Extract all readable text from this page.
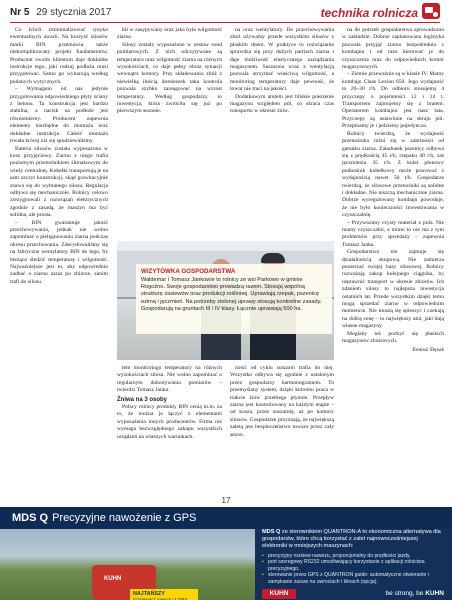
Nr 5 29 stycznia 2017	technika rolnicza

Co Ichcli zminimalizować ryzyko ewentualnych awarii. Na korzyść silosów marki BIN przemawia także niekomplikowany projekt fundamentów. Producent swoim klientom daje dokładne instrukcje tego, jaki rodzaj podłoża musi przygotować. Samo go wykonują według podanych wytycznych.

– Wymagano od nas jedynie przygotowania odpowiedniego płyty ściany z betonu. Ta konstrukcja jest bardzo stabilna, a nacisk na podłoże jest równomierny. Producent zapewnia elementy niezbędne do montażu oraz dokładne instrukcje. Całość montażu trwała krócej niż się spodziewaliśmy.

Bateria silosów została wyposażona w kosz przyjęciowy. Ziarno z niego trafia poziomym przenośnikiem ślimakowym do wieży centralnej. Kubełki transportują je na sam szczyt konstrukcji, skąd grawitacyjnie zsuwa się do wybranego silosu. Regulacja odbywa się mechanicznie. Rolnicy celowo zrezygnowali z rozwiązań elektrycznych zgodnie z zasadą, że maszyn ma być solidna, ale prosta.

– BIN gwarantuje jakość przechowywania, jednak nie wolno zapominać o pielęgnowaniu ziarna podczas okresu przechowania. Zdecydowaliśmy się na fabryczne wentylatory BIN do tego, by bieżąco śledzić temperaturę i wilgotność. Najważniejsze jest to, aby odpowiednio zadbać o ziarno zaraz po zbiorze, zanim trafi do silosu.

bił w zasypywany oraz jaka była wilgotność ziarna.

Silosy zostały wyposażone w zestaw sond pomiarowych. Z nich odczytywane są temperatura oraz wilgotność ziarna na różnych wysokościach, co daje pełny obraz sytuacji wewnątrz komory. Przy składowaniu zbóż z niewielką ilością domieszek taka kontrola pozwala szybko zareagować na wzrost temperatury. Według gospodarzy to inwestycja, która zwróciła się już po pierwszym sezonie.

na oraz wentylatory. Do przechowywania zbóż używamy przede wszystkim silosów z płaskim dnem. W praktyce to rozwiązanie sprawdza się przy dużych partiach ziarna i daje możliwość elastycznego zarządzania magazynem. Suszarnia wraz z wentylacją pozwala utrzymać właściwą wilgotność, a monitoring temperatury daje pewność, że towar nie traci na jakości.

Dodatkowym atutem jest bliskie położenie magazynu względem pól, co skraca czas transportu w okresie żniw.

na do potrzeb gospodarstwa sprowadzono w zakładzie. Dobrze zaplanowana logistyka pozwala przyjąć ziarno bezpośrednio z kombajnu i od razu kierować je do czyszczenia oraz do odpowiednich komór magazynowych.

– Ziemie przeważnie są w klasie IV. Mamy kombajn Claas Lexion 650. Jego wydajność to 20–30 t/h. Do odbioru stosujemy 4 przyczepy o pojemności 12 i 14 t. Transportem zajmujemy się z bratem. Operatorem kombajnu jest nasz tata. Przyczepy są ustawione na skraju pól. Przepinamy je i jedziemy pojedynczo.

Rolnicy twierdzą, że wydajność przenośnika różni się w zależności od gatunku ziarna. Załadunek pszenicy odbywa się z prędkością 45 t/h, rzepaku 40 t/h, zaś jęczmienia 35 t/h. Z kolei płonowy podnośnik kubełkowy może pracować z wydajnością nawet 50 t/h. Gospodarze twierdzą, że silosowe przenośniki są solidne i dokładne. Nie niszczą mechanicznie ziarna. Dobrze wyregulowany kombajn powoduje, że nie było konieczności inwestowania w czyszczalnię.

– Przywozimy czysty materiał z pola. Nie mamy czyszczalni, a mimo to nie ma z tym problemów przy sprzedaży – zapewnia Tomasz Janka.

Gospodarstwo nie zajmuje się działalnością skupową. Nie zamierza poszerzać swojej bazy silosowej. Rolnicy rozważają zakup kolejnego ciągnika, by usprawnić transport w okresie zbiorów. Ich zdaniem silosy to najlepsza inwestycja ostatnich lat. Przede wszystkim dzięki temu mogą sprzedać ziarno w odpowiednim momencie. Nie muszą się spieszyć i czekają na dobrą cenę – to największy atut, jaki dają własne magazyny.

Mogłaby też pozbyć się płaskich magazynów zbożowych.

Tomasz Ślęzak

WIZYTÓWKA GOSPODARSTWA
Waldemar i Tomasz Jankowie to rolnicy ze wsi Parkowo w gminie Rogoźno. Swoje gospodarstwo prowadzą razem. Stosują wspólną strukturę zasiewów oraz produkcji roślinnej. Uprawiają rzepak, pszenicę ozimą i jęczmień. Na potrzeby zielonej uprawy stosują konkretne zasady. Gospodarują na gruntach III i IV klasy. Łącznie uprawiają 500 ha.

tem monitoringu temperatury na różnych wysokościach silosu. Nie wolno zapominać o regularnym dokonywaniu pomiarów – twierdzi Tomasz Janka.

Żniwa na 3 osoby

Polscy rolnicy produkty BIN cenią m.in. za to, że można je łączyć z elementami wyposażenia innych producentów. Firma nie wymaga bezwzględnego zakupu wszystkich urządzeń na własnych warunkach.

ności od cyklu suszarni trafia do niej. Wszystko odbywa się zgodnie z ustalonym przez gospodarzy harmonogramem. To przemyślany system, dzięki któremu praca w trakcie żniw przebiega płynnie. Przepływ ziarna jest kontrolowany na każdym etapie – od kosza, przez suszarnię, aż po komory silosów. Gospodarze przyznają, że największą zaletą jest bezpieczeństwo towaru przez cały sezon.

17
MDS Q Precyzyjne nawożenie z GPS
KUHN
NAJTAŃSZY
rozsiewacz nawozu z GPS
MDS Q ze sterownikiem QUANTRON-A to ekonomiczna alternatywa dla gospodarstw, które chcą korzystać z zalet najnowocześniejszej elektroniki w mniejszych maszynach:
• precyzyjny rozsiew nawozu, proporcjonalny do prędkości jazdy,
• port szeregowy RS232 umożliwiający korzystanie z aplikacji rolnictwa precyzyjnego,
• sterowanie przez GPS z QUANTRON guide: automatyczne otwieranie i zamykanie zasuw na uwrociach i klinach (opcja).
KUHN	be strong, be KUHN
